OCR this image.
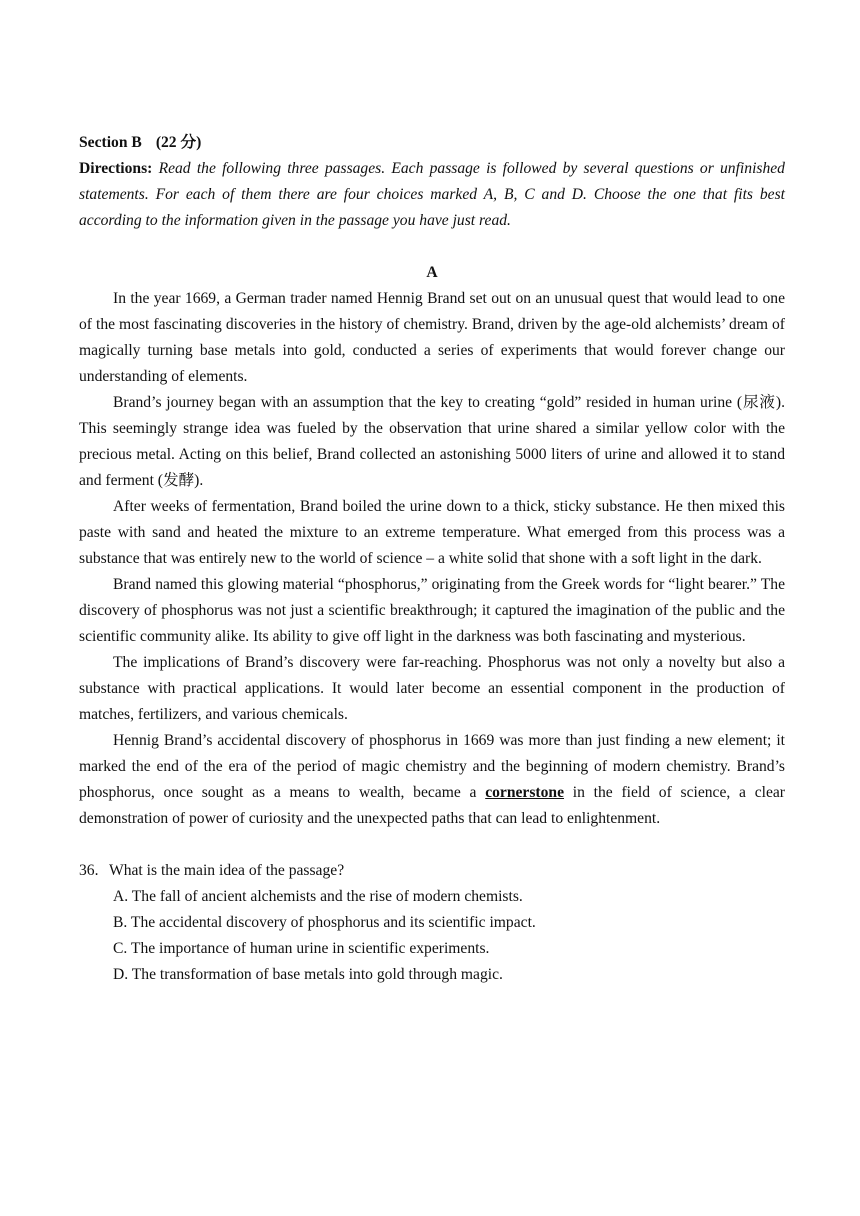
Section B (22 分)

Directions: Read the following three passages. Each passage is followed by several questions or unfinished statements. For each of them there are four choices marked A, B, C and D. Choose the one that fits best according to the information given in the passage you have just read.

A

In the year 1669, a German trader named Hennig Brand set out on an unusual quest that would lead to one of the most fascinating discoveries in the history of chemistry. Brand, driven by the age-old alchemists’ dream of magically turning base metals into gold, conducted a series of experiments that would forever change our understanding of elements.

Brand’s journey began with an assumption that the key to creating “gold” resided in human urine (尿液). This seemingly strange idea was fueled by the observation that urine shared a similar yellow color with the precious metal. Acting on this belief, Brand collected an astonishing 5000 liters of urine and allowed it to stand and ferment (发酵).

After weeks of fermentation, Brand boiled the urine down to a thick, sticky substance. He then mixed this paste with sand and heated the mixture to an extreme temperature. What emerged from this process was a substance that was entirely new to the world of science – a white solid that shone with a soft light in the dark.

Brand named this glowing material “phosphorus,” originating from the Greek words for “light bearer.” The discovery of phosphorus was not just a scientific breakthrough; it captured the imagination of the public and the scientific community alike. Its ability to give off light in the darkness was both fascinating and mysterious.

The implications of Brand’s discovery were far-reaching. Phosphorus was not only a novelty but also a substance with practical applications. It would later become an essential component in the production of matches, fertilizers, and various chemicals.

Hennig Brand’s accidental discovery of phosphorus in 1669 was more than just finding a new element; it marked the end of the era of the period of magic chemistry and the beginning of modern chemistry. Brand’s phosphorus, once sought as a means to wealth, became a cornerstone in the field of science, a clear demonstration of power of curiosity and the unexpected paths that can lead to enlightenment.

36. What is the main idea of the passage?
A. The fall of ancient alchemists and the rise of modern chemists.
B. The accidental discovery of phosphorus and its scientific impact.
C. The importance of human urine in scientific experiments.
D. The transformation of base metals into gold through magic.
